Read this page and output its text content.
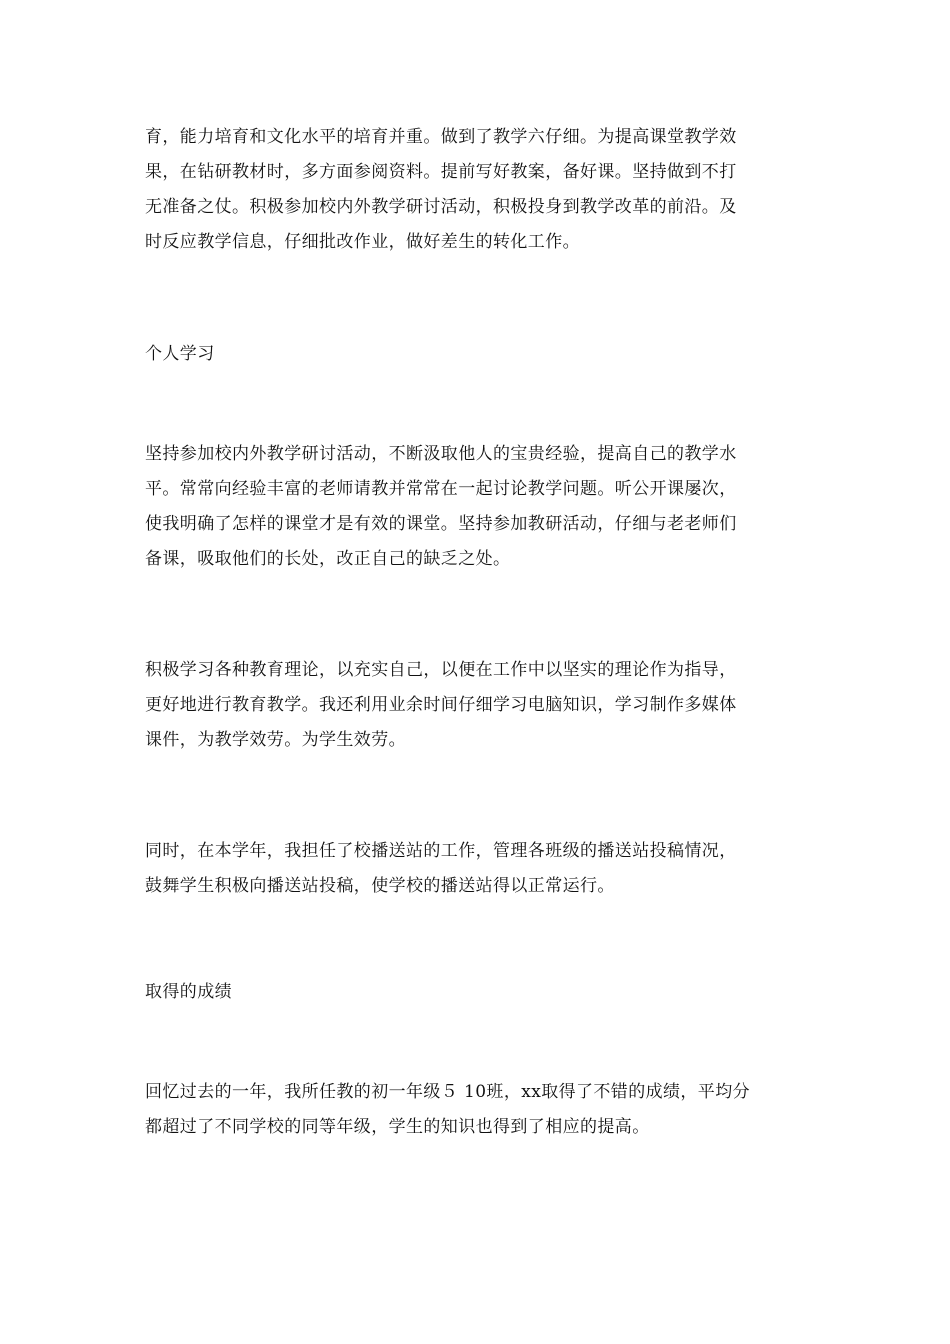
育，能力培育和文化水平的培育并重。做到了教学六仔细。为提高课堂教学效
果，在钻研教材时，多方面参阅资料。提前写好教案，备好课。坚持做到不打
无准备之仗。积极参加校内外教学研讨活动，积极投身到教学改革的前沿。及
时反应教学信息，仔细批改作业，做好差生的转化工作。

个人学习

坚持参加校内外教学研讨活动，不断汲取他人的宝贵经验，提高自己的教学水
平。常常向经验丰富的老师请教并常常在一起讨论教学问题。听公开课屡次，
使我明确了怎样的课堂才是有效的课堂。坚持参加教研活动，仔细与老老师们
备课，吸取他们的长处，改正自己的缺乏之处。

积极学习各种教育理论，以充实自己，以便在工作中以坚实的理论作为指导，
更好地进行教育教学。我还利用业余时间仔细学习电脑知识，学习制作多媒体
课件，为教学效劳。为学生效劳。

同时，在本学年，我担任了校播送站的工作，管理各班级的播送站投稿情况，
鼓舞学生积极向播送站投稿，使学校的播送站得以正常运行。

取得的成绩

回忆过去的一年，我所任教的初一年级５ 10班，xx取得了不错的成绩，平均分
都超过了不同学校的同等年级，学生的知识也得到了相应的提高。
